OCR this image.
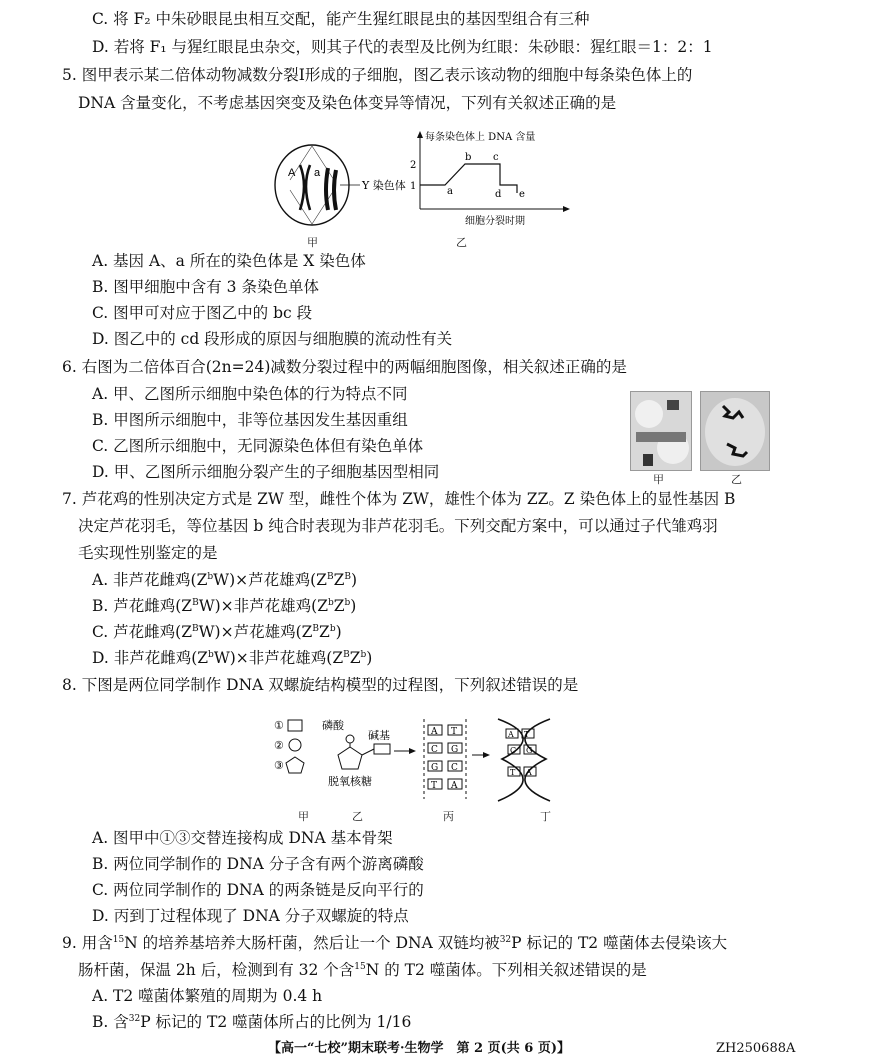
C. 将 F₂ 中朱砂眼昆虫相互交配，能产生猩红眼昆虫的基因型组合有三种
D. 若将 F₁ 与猩红眼昆虫杂交，则其子代的表型及比例为红眼：朱砂眼：猩红眼＝1：2：1
5. 图甲表示某二倍体动物减数分裂Ⅰ形成的子细胞，图乙表示该动物的细胞中每条染色体上的
DNA 含量变化，不考虑基因突变及染色体变异等情况，下列有关叙述正确的是
A a
Y 染色体
甲
每条染色体上 DNA 含量
2
1	a
b c
d e
细胞分裂时期
乙
A. 基因 A、a 所在的染色体是 X 染色体
B. 图甲细胞中含有 3 条染色单体
C. 图甲可对应于图乙中的 bc 段
D. 图乙中的 cd 段形成的原因与细胞膜的流动性有关
6. 右图为二倍体百合(2n=24)减数分裂过程中的两幅细胞图像，相关叙述正确的是
A. 甲、乙图所示细胞中染色体的行为特点不同
B. 甲图所示细胞中，非等位基因发生基因重组
C. 乙图所示细胞中，无同源染色体但有染色单体
D. 甲、乙图所示细胞分裂产生的子细胞基因型相同	甲	乙
7. 芦花鸡的性别决定方式是 ZW 型，雌性个体为 ZW，雄性个体为 ZZ。Z 染色体上的显性基因 B
决定芦花羽毛，等位基因 b 纯合时表现为非芦花羽毛。下列交配方案中，可以通过子代雏鸡羽
毛实现性别鉴定的是
A. 非芦花雌鸡$(Z^bW)\times$芦花雄鸡$(Z^BZ^B)$
B. 芦花雌鸡$(Z^BW)\times$非芦花雄鸡$(Z^bZ^b)$
C. 芦花雌鸡$(Z^BW)\times$芦花雄鸡$(Z^BZ^b)$
D. 非芦花雌鸡$(Z^bW)\times$非芦花雄鸡$(Z^BZ^b)$
8. 下图是两位同学制作 DNA 双螺旋结构模型的过程图，下列叙述错误的是
①
②
③
磷酸
碱基
脱氧核糖
A T
C G
G C
T A
A T
C G
T A
甲	乙	丙	丁
A. 图甲中①③交替连接构成 DNA 基本骨架
B. 两位同学制作的 DNA 分子含有两个游离磷酸
C. 两位同学制作的 DNA 的两条链是反向平行的
D. 丙到丁过程体现了 DNA 分子双螺旋的特点
9. 用含$^{15}$N 的培养基培养大肠杆菌，然后让一个 DNA 双链均被$^{32}$P 标记的 T2 噬菌体去侵染该大
肠杆菌，保温 2h 后，检测到有 32 个含$^{15}$N 的 T2 噬菌体。下列相关叙述错误的是
A. T2 噬菌体繁殖的周期为 0.4 h
B. 含$^{32}$P 标记的 T2 噬菌体所占的比例为 1/16
【高一“七校”期末联考·生物学　第 2 页(共 6 页)】	ZH250688A
